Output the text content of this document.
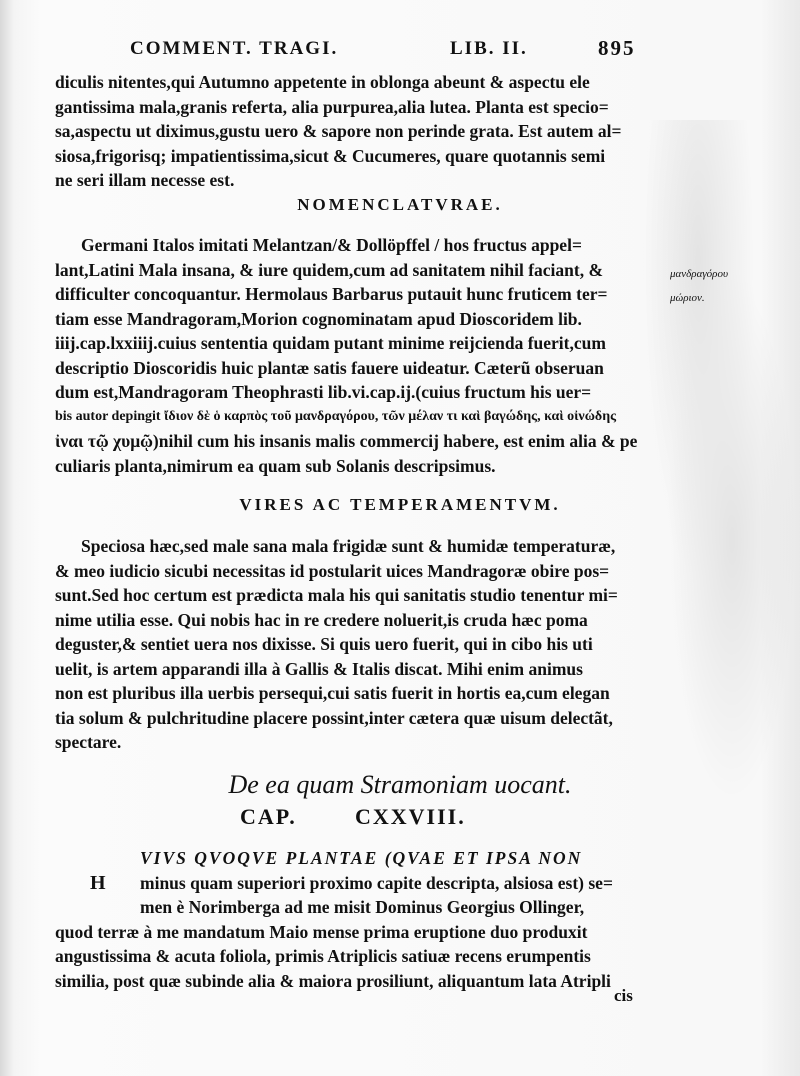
COMMENT. TRAGI.	LIB. II.	895
diculis nitentes,qui Autumno appetente in oblonga abeunt & aspectu ele
gantissima mala,granis referta, alia purpurea,alia lutea. Planta est specio=
sa,aspectu ut diximus,gustu uero & sapore non perinde grata. Est autem al=
siosa,frigorisq; impatientissima,sicut & Cucumeres, quare quotannis semi
ne seri illam necesse est.
NOMENCLATVRAE.
Germani Italos imitati Melantzan/& Dollöpffel / hos fructus appel=
lant,Latini Mala insana, & iure quidem,cum ad sanitatem nihil faciant, &
difficulter concoquantur. Hermolaus Barbarus putauit hunc fruticem ter=
tiam esse Mandragoram,Morion cognominatam apud Dioscoridem lib.
iiij.cap.lxxiiij.cuius sententia quidam putant minime reijcienda fuerit,cum
descriptio Dioscoridis huic plantæ satis fauere uideatur. Cæterũ obseruan
dum est,Mandragoram Theophrasti lib.vi.cap.ij.(cuius fructum his uer=
bis autor depingit ἴδιον δὲ ὁ καρπὸς τοῦ μανδραγόρου, τῶν μέλαν τι καὶ βαγώδης, καὶ οἰνώδης
ἰναι τῷ χυμῷ)nihil cum his insanis malis commercij habere, est enim alia & pe
culiaris planta,nimirum ea quam sub Solanis descripsimus.
μανδραγόρου
μώριον.
VIRES AC TEMPERAMENTVM.
Speciosa hæc,sed male sana mala frigidæ sunt & humidæ temperaturæ,
& meo iudicio sicubi necessitas id postularit uices Mandragoræ obire pos=
sunt.Sed hoc certum est prædicta mala his qui sanitatis studio tenentur mi=
nime utilia esse. Qui nobis hac in re credere noluerit,is cruda hæc poma
deguster,& sentiet uera nos dixisse. Si quis uero fuerit, qui in cibo his uti
uelit, is artem apparandi illa à Gallis & Italis discat. Mihi enim animus
non est pluribus illa uerbis persequi,cui satis fuerit in hortis ea,cum elegan
tia solum & pulchritudine placere possint,inter cætera quæ uisum delectãt,
spectare.
De ea quam Stramoniam uocant.
CAP.	CXXVIII.
H
VIVS QVOQVE PLANTAE (QVAE ET IPSA NON
minus quam superiori proximo capite descripta, alsiosa est) se=
men è Norimberga ad me misit Dominus Georgius Ollinger,
quod terræ à me mandatum Maio mense prima eruptione duo produxit
angustissima & acuta foliola, primis Atriplicis satiuæ recens erumpentis
similia, post quæ subinde alia & maiora prosiliunt, aliquantum lata Atripli
cis
